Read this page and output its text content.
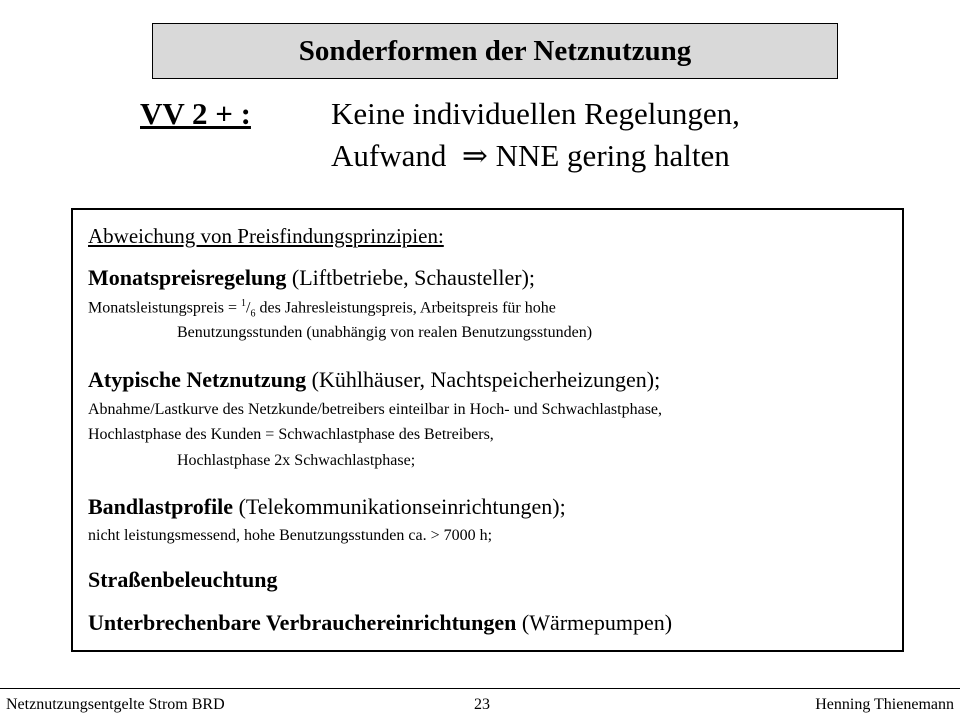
Sonderformen der Netznutzung
VV 2 + :	Keine individuellen Regelungen,
Aufwand ⇒ NNE gering halten
Abweichung von Preisfindungsprinzipien:
Monatspreisregelung (Liftbetriebe, Schausteller);
Monatsleistungspreis = $^1/_6$ des Jahresleistungspreis, Arbeitspreis für hohe
Benutzungsstunden (unabhängig von realen Benutzungsstunden)
Atypische Netznutzung (Kühlhäuser, Nachtspeicherheizungen);
Abnahme/Lastkurve des Netzkunde/betreibers einteilbar in Hoch- und Schwachlastphase,
Hochlastphase des Kunden = Schwachlastphase des Betreibers,
Hochlastphase 2x Schwachlastphase;
Bandlastprofile (Telekommunikationseinrichtungen);
nicht leistungsmessend, hohe Benutzungsstunden ca. > 7000 h;
Straßenbeleuchtung
Unterbrechenbare Verbrauchereinrichtungen (Wärmepumpen)
Netznutzungsentgelte Strom BRD	23	Henning Thienemann
